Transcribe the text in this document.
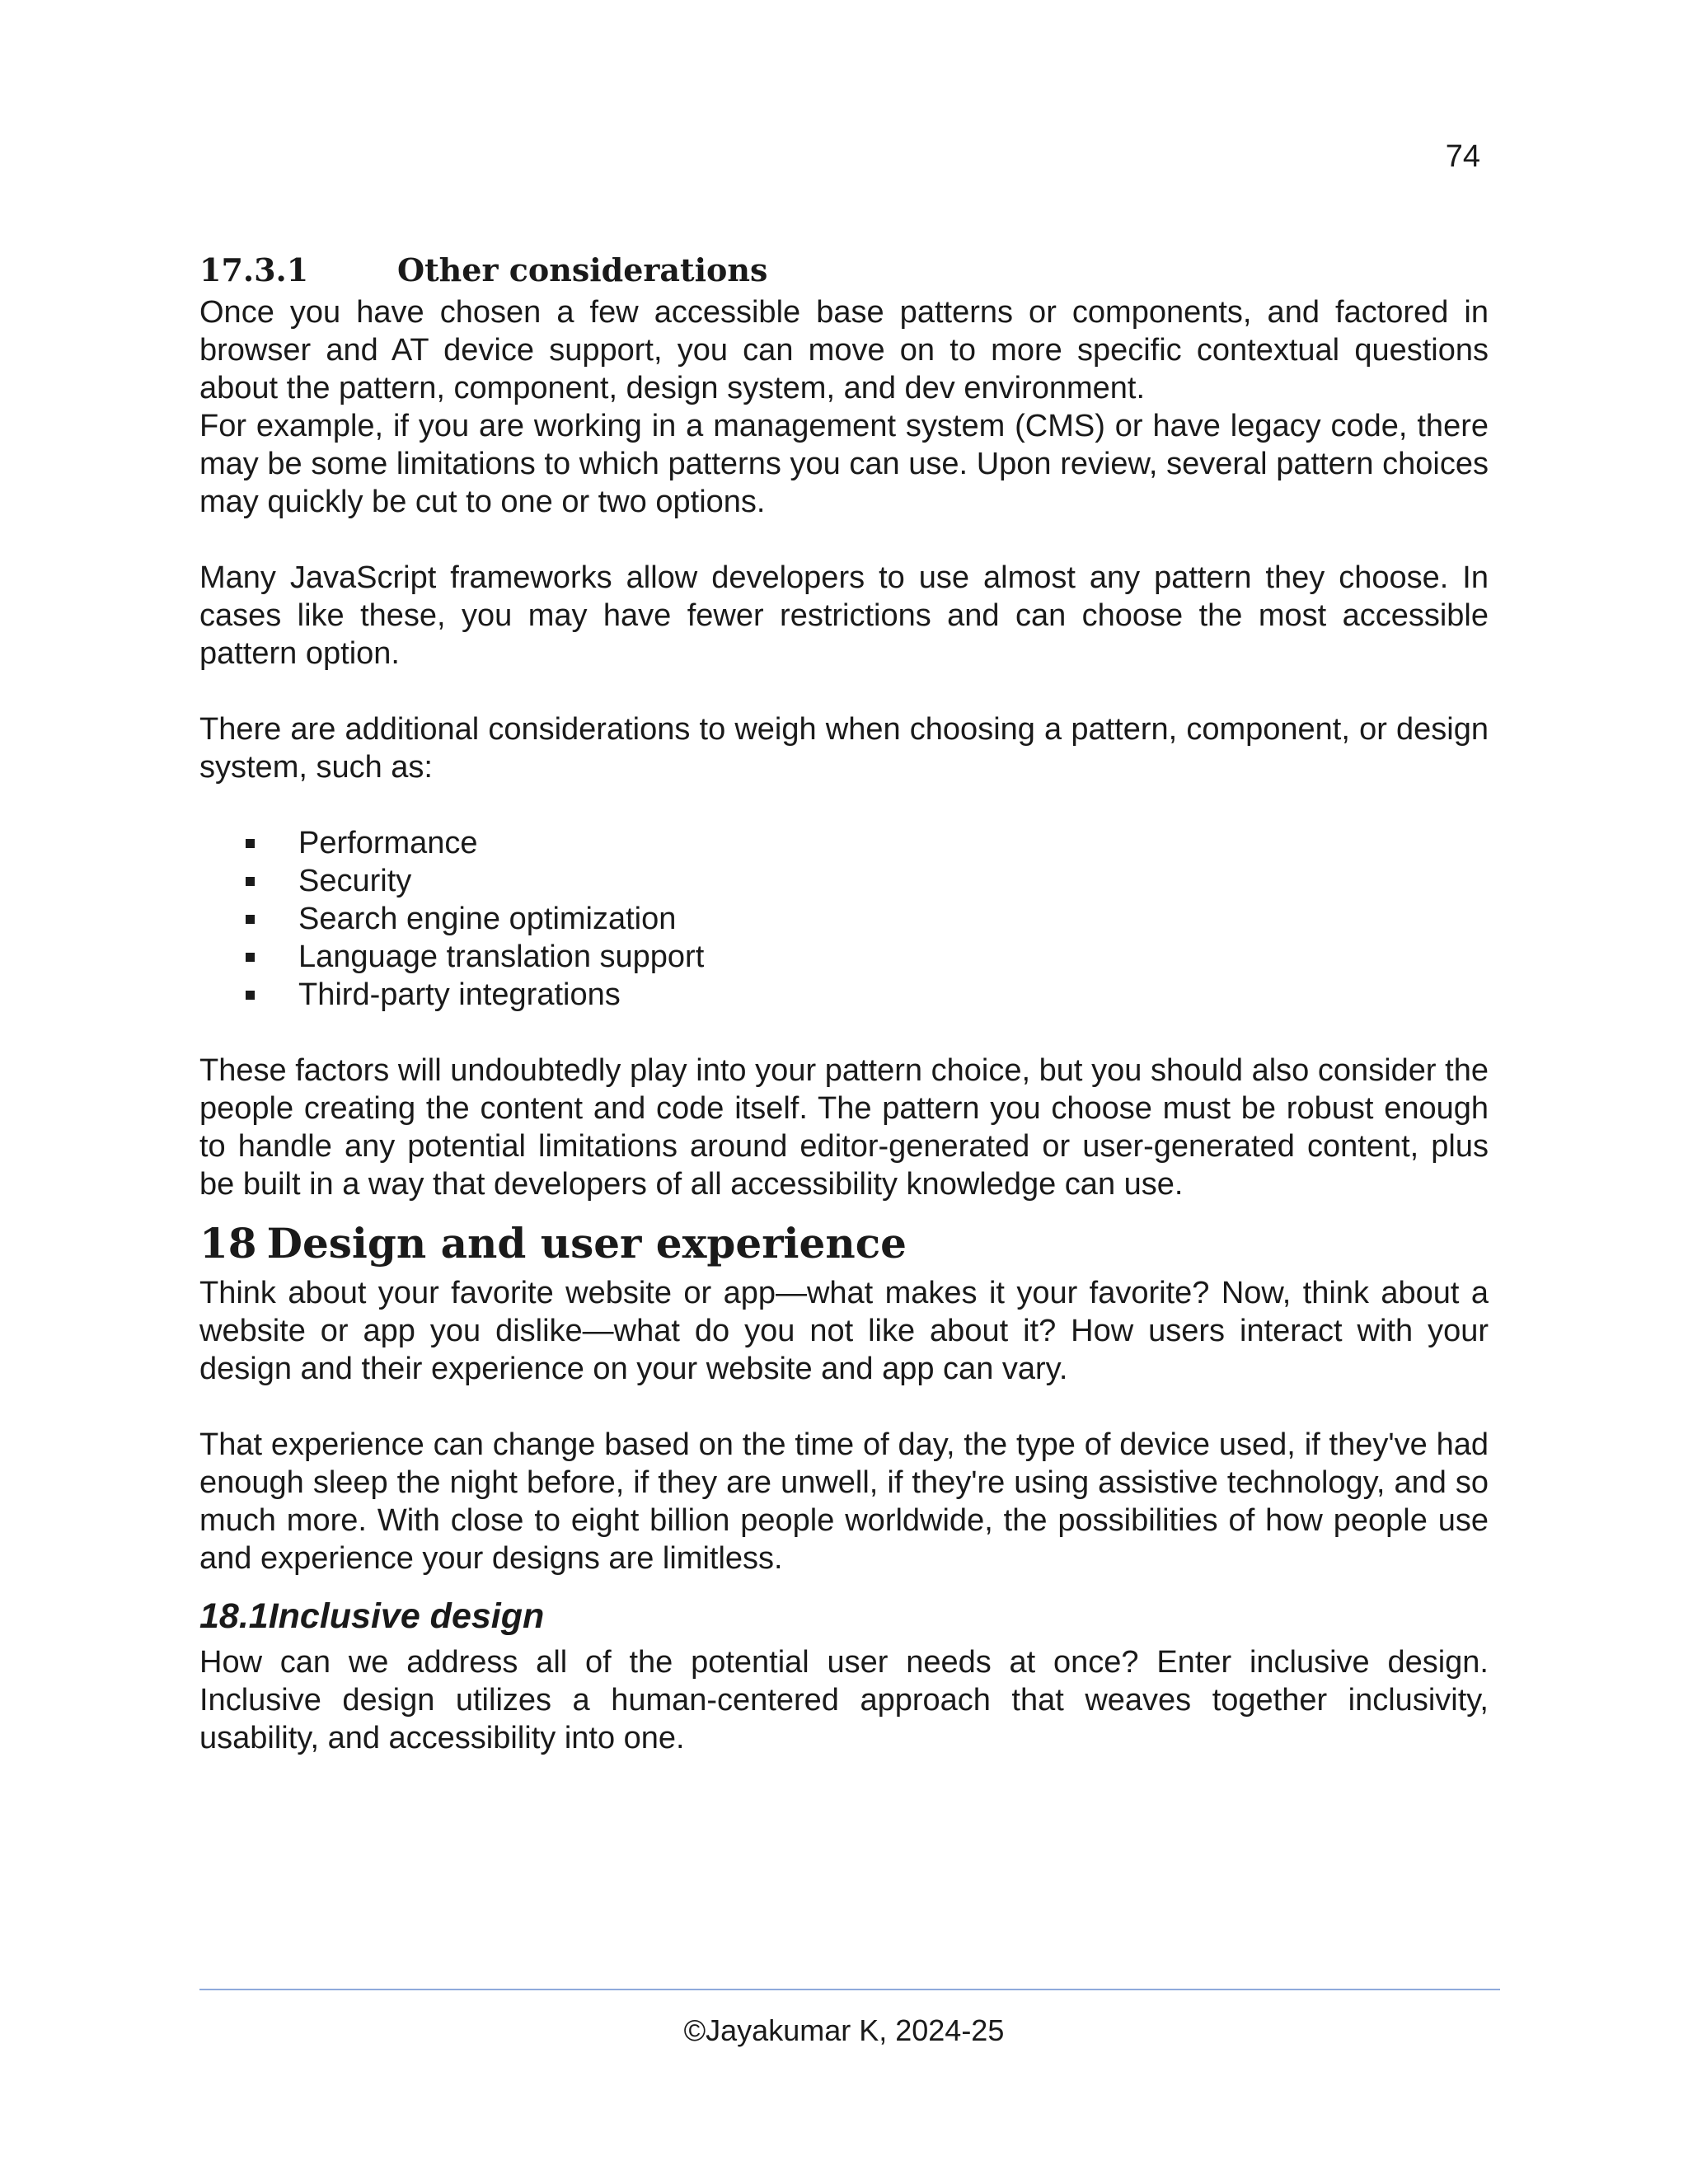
74
17.3.1	Other considerations

Once you have chosen a few accessible base patterns or components, and factored in browser and AT device support, you can move on to more specific contextual questions about the pattern, component, design system, and dev environment.

For example, if you are working in a management system (CMS) or have legacy code, there may be some limitations to which patterns you can use. Upon review, several pattern choices may quickly be cut to one or two options.

Many JavaScript frameworks allow developers to use almost any pattern they choose. In cases like these, you may have fewer restrictions and can choose the most accessible pattern option.

There are additional considerations to weigh when choosing a pattern, component, or design system, such as:

Performance
Security
Search engine optimization
Language translation support
Third-party integrations

These factors will undoubtedly play into your pattern choice, but you should also consider the people creating the content and code itself. The pattern you choose must be robust enough to handle any potential limitations around editor-generated or user-generated content, plus be built in a way that developers of all accessibility knowledge can use.

18 Design and user experience

Think about your favorite website or app—what makes it your favorite? Now, think about a website or app you dislike—what do you not like about it? How users interact with your design and their experience on your website and app can vary.

That experience can change based on the time of day, the type of device used, if they've had enough sleep the night before, if they are unwell, if they're using assistive technology, and so much more. With close to eight billion people worldwide, the possibilities of how people use and experience your designs are limitless.

18.1Inclusive design

How can we address all of the potential user needs at once? Enter inclusive design. Inclusive design utilizes a human-centered approach that weaves together inclusivity, usability, and accessibility into one.

©Jayakumar K, 2024-25
